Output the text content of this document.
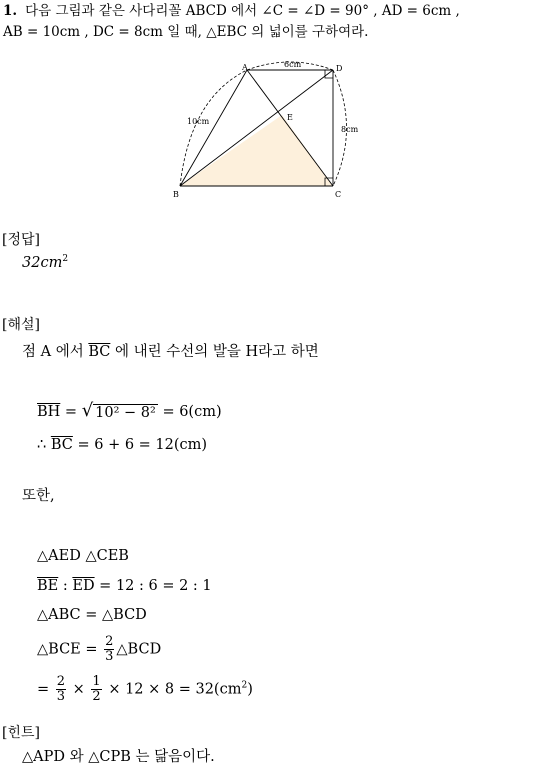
1. 다음 그림과 같은 사다리꼴 ABCD 에서 ∠C = ∠D = 90° , AD = 6cm ,
AB = 10cm , DC = 8cm 일 때, △EBC 의 넓이를 구하여라.
A	D
E
B	C
6cm
10cm
8cm
[정답]
$32cm^2$
[해설]
점 A 에서 $\overline{BC}$ 에 내린 수선의 발을 H라고 하면
$\overline{BH}$ = √ 10² − 8² = 6(cm)
∴ $\overline{BC} = 6 + 6 = 12(cm)$
또한,
△AED △CEB
$\overline{BE}$ : $\overline{ED} = 12$ : 6 = 2 : 1
△ABC = △BCD
△BCE = $\frac{2}{3}$ △BCD
= $\frac{2}{3} \times \frac{1}{2} \times 12 \times 8 = 32(cm^2)$
[힌트]
△APD 와 △CPB 는 닮음이다.
